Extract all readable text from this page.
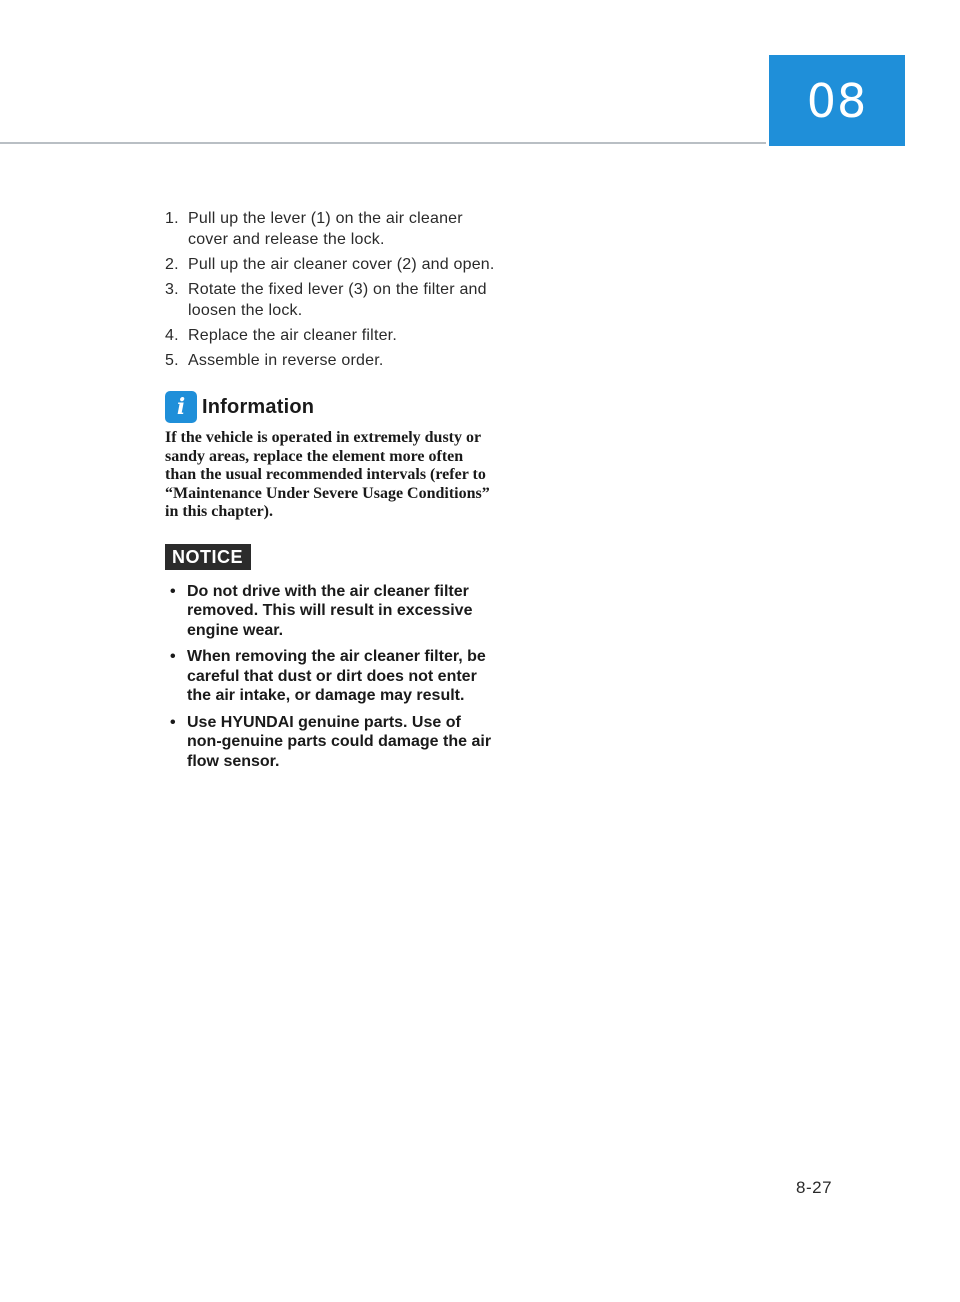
08
1. Pull up the lever (1) on the air cleaner cover and release the lock.
2. Pull up the air cleaner cover (2) and open.
3. Rotate the fixed lever (3) on the filter and loosen the lock.
4. Replace the air cleaner filter.
5. Assemble in reverse order.
i Information
If the vehicle is operated in extremely dusty or sandy areas, replace the element more often than the usual recommended intervals (refer to “Maintenance Under Severe Usage Conditions” in this chapter).
NOTICE
• Do not drive with the air cleaner filter removed. This will result in excessive engine wear.
• When removing the air cleaner filter, be careful that dust or dirt does not enter the air intake, or damage may result.
• Use HYUNDAI genuine parts. Use of non-genuine parts could damage the air flow sensor.
8-27
